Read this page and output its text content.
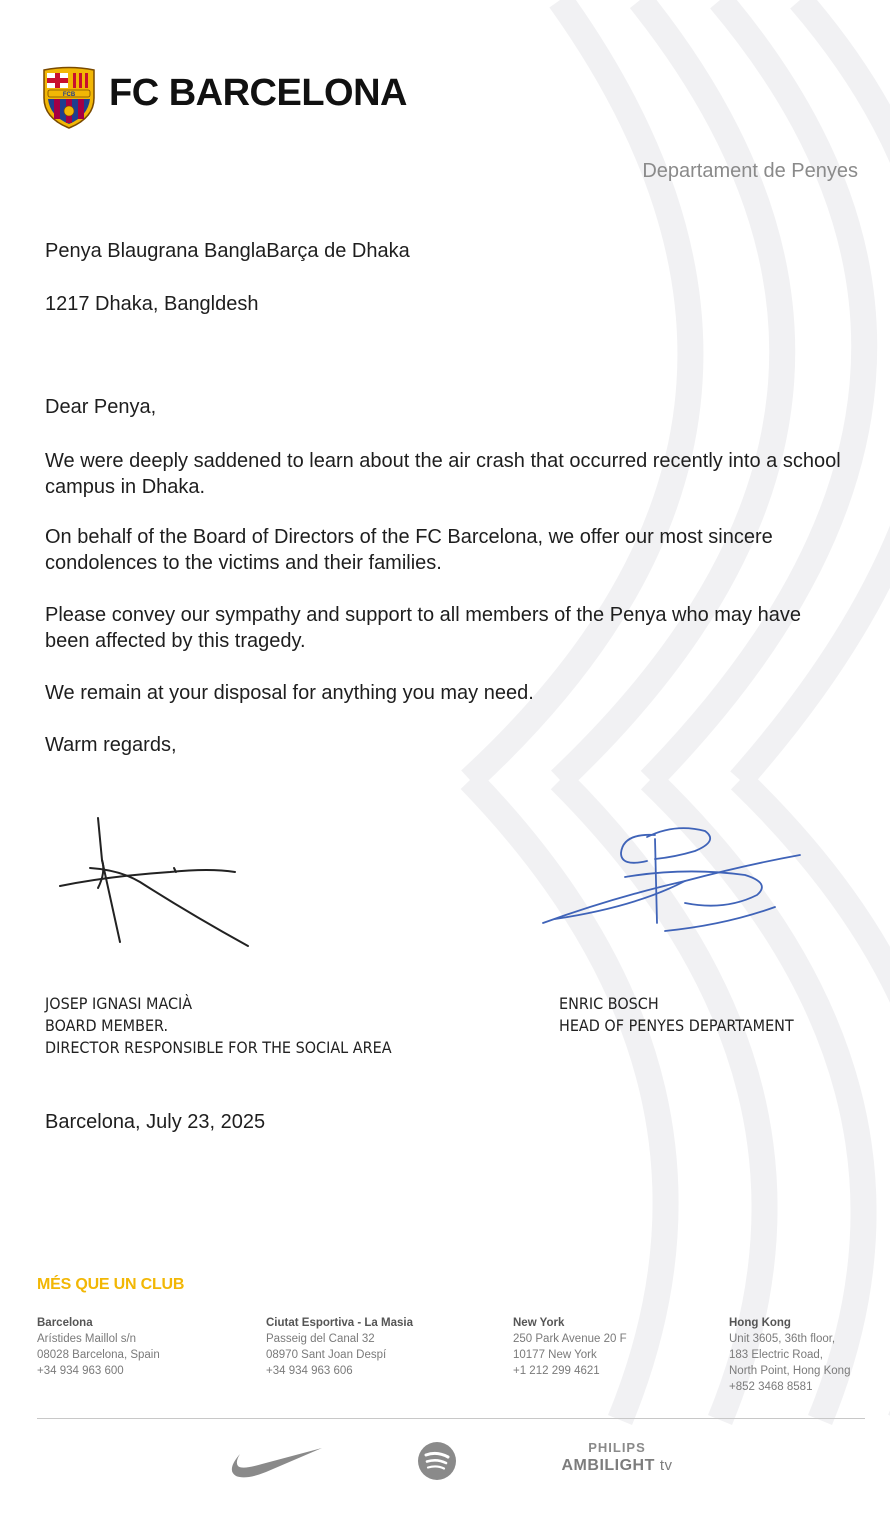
FCB FC BARCELONA
Departament de Penyes
Penya Blaugrana BanglaBarça de Dhaka
1217 Dhaka, Bangldesh
Dear Penya,
We were deeply saddened to learn about the air crash that occurred recently into a school campus in Dhaka.
On behalf of the Board of Directors of the FC Barcelona, we offer our most sincere condolences to the victims and their families.
Please convey our sympathy and support to all members of the Penya who may have been affected by this tragedy.
We remain at your disposal for anything you may need.
Warm regards,
JOSEP IGNASI MACIÀ
BOARD MEMBER.
DIRECTOR RESPONSIBLE FOR THE SOCIAL AREA
ENRIC BOSCH
HEAD OF PENYES DEPARTAMENT
Barcelona, July 23, 2025
MÉS QUE UN CLUB
Barcelona
Arístides Maillol s/n
08028 Barcelona, Spain
+34 934 963 600
Ciutat Esportiva - La Masia
Passeig del Canal 32
08970 Sant Joan Despí
+34 934 963 606
New York
250 Park Avenue 20 F
10177 New York
+1 212 299 4621
Hong Kong
Unit 3605, 36th floor,
183 Electric Road,
North Point, Hong Kong
+852 3468 8581
PHILIPS
AMBILIGHT tv
